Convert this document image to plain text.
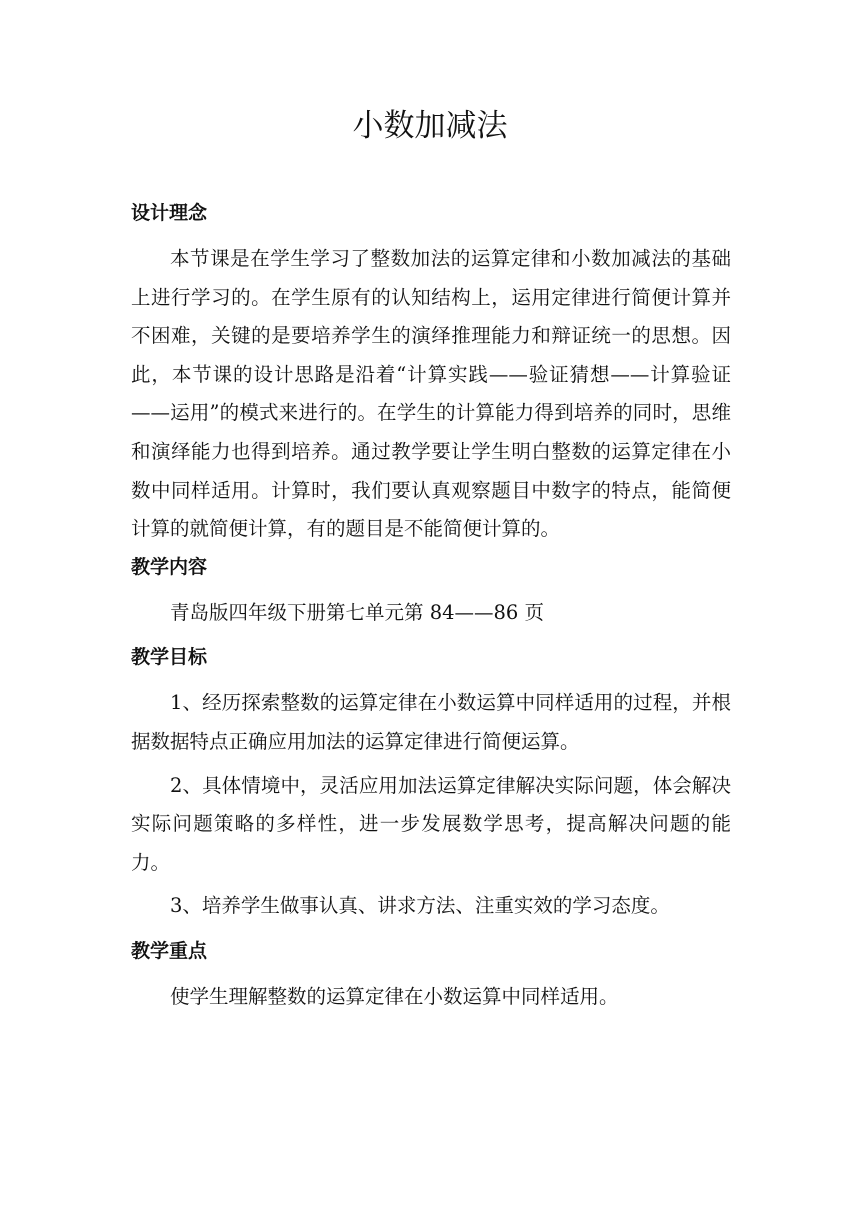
小数加减法
设计理念

本节课是在学生学习了整数加法的运算定律和小数加减法的基础上进行学习的。在学生原有的认知结构上，运用定律进行简便计算并不困难，关键的是要培养学生的演绎推理能力和辩证统一的思想。因此，本节课的设计思路是沿着“计算实践——验证猜想——计算验证——运用”的模式来进行的。在学生的计算能力得到培养的同时，思维和演绎能力也得到培养。通过教学要让学生明白整数的运算定律在小数中同样适用。计算时，我们要认真观察题目中数字的特点，能简便计算的就简便计算，有的题目是不能简便计算的。

教学内容

青岛版四年级下册第七单元第 84——86 页

教学目标

1、经历探索整数的运算定律在小数运算中同样适用的过程，并根据数据特点正确应用加法的运算定律进行简便运算。

2、具体情境中，灵活应用加法运算定律解决实际问题，体会解决实际问题策略的多样性，进一步发展数学思考，提高解决问题的能力。

3、培养学生做事认真、讲求方法、注重实效的学习态度。

教学重点

使学生理解整数的运算定律在小数运算中同样适用。
